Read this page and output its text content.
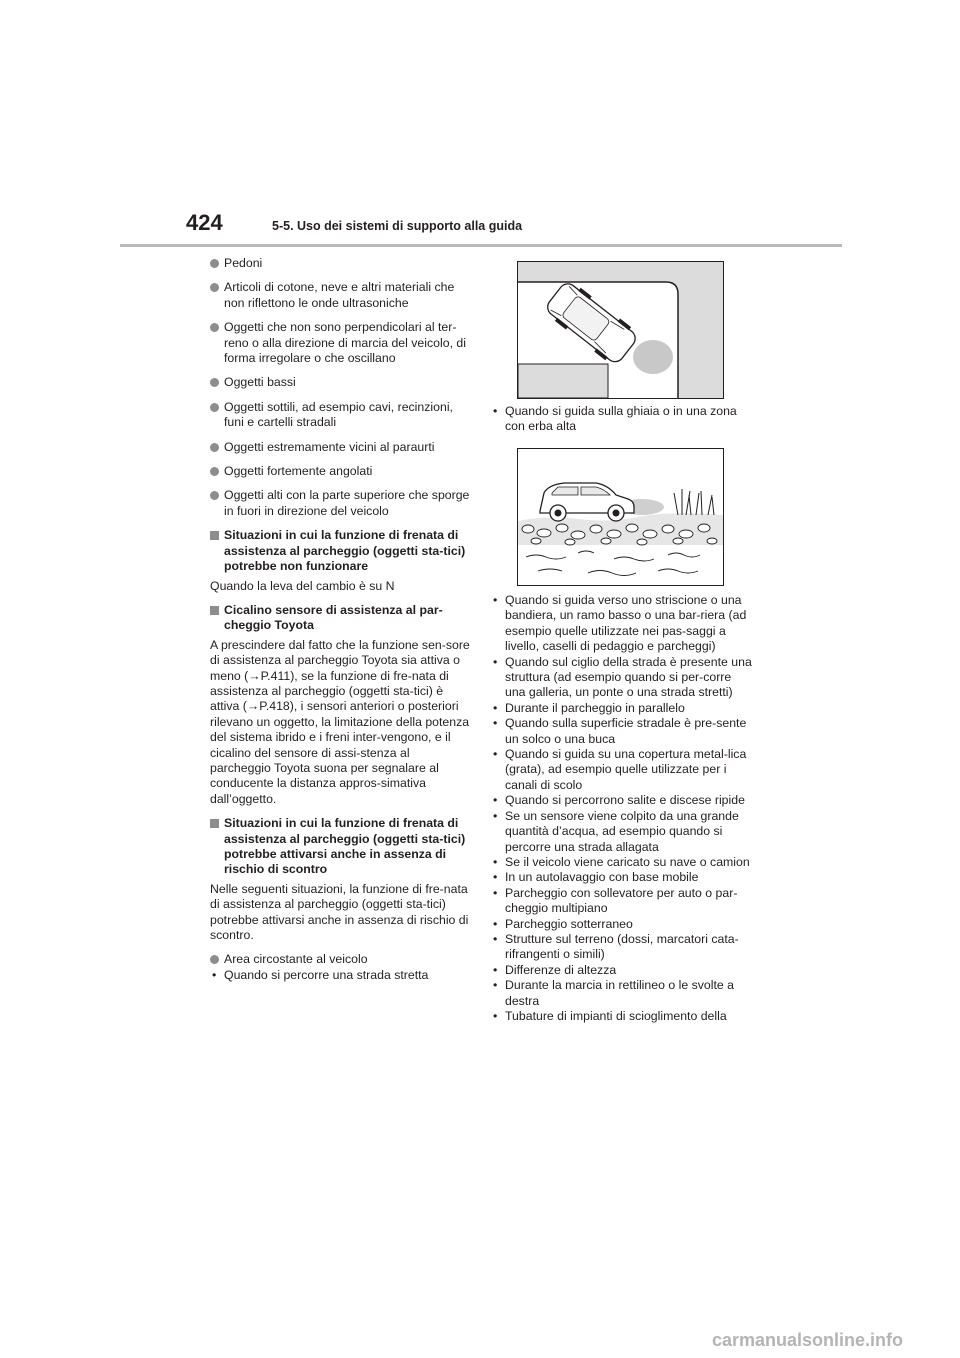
424	5-5. Uso dei sistemi di supporto alla guida
Pedoni
Articoli di cotone, neve e altri materiali che non riflettono le onde ultrasoniche
Oggetti che non sono perpendicolari al ter-reno o alla direzione di marcia del veicolo, di forma irregolare o che oscillano
Oggetti bassi
Oggetti sottili, ad esempio cavi, recinzioni, funi e cartelli stradali
Oggetti estremamente vicini al paraurti
Oggetti fortemente angolati
Oggetti alti con la parte superiore che sporge in fuori in direzione del veicolo
Situazioni in cui la funzione di frenata di assistenza al parcheggio (oggetti sta-tici) potrebbe non funzionare

Quando la leva del cambio è su N

Cicalino sensore di assistenza al par-cheggio Toyota

A prescindere dal fatto che la funzione sen-sore di assistenza al parcheggio Toyota sia attiva o meno (→P.411), se la funzione di fre-nata di assistenza al parcheggio (oggetti sta-tici) è attiva (→P.418), i sensori anteriori o posteriori rilevano un oggetto, la limitazione della potenza del sistema ibrido e i freni inter-vengono, e il cicalino del sensore di assi-stenza al parcheggio Toyota suona per segnalare al conducente la distanza appros-simativa dall’oggetto.

Situazioni in cui la funzione di frenata di assistenza al parcheggio (oggetti sta-tici) potrebbe attivarsi anche in assenza di rischio di scontro

Nelle seguenti situazioni, la funzione di fre-nata di assistenza al parcheggio (oggetti sta-tici) potrebbe attivarsi anche in assenza di rischio di scontro.

Area circostante al veicolo
• Quando si percorre una strada stretta
• Quando si guida sulla ghiaia o in una zona con erba alta
• Quando si guida verso uno striscione o una bandiera, un ramo basso o una bar-riera (ad esempio quelle utilizzate nei pas-saggi a livello, caselli di pedaggio e parcheggi)
• Quando sul ciglio della strada è presente una struttura (ad esempio quando si per-corre una galleria, un ponte o una strada stretti)
• Durante il parcheggio in parallelo
• Quando sulla superficie stradale è pre-sente un solco o una buca
• Quando si guida su una copertura metal-lica (grata), ad esempio quelle utilizzate per i canali di scolo
• Quando si percorrono salite e discese ripide
• Se un sensore viene colpito da una grande quantità d’acqua, ad esempio quando si percorre una strada allagata
• Se il veicolo viene caricato su nave o camion
• In un autolavaggio con base mobile
• Parcheggio con sollevatore per auto o par-cheggio multipiano
• Parcheggio sotterraneo
• Strutture sul terreno (dossi, marcatori cata-rifrangenti o simili)
• Differenze di altezza
• Durante la marcia in rettilineo o le svolte a destra
• Tubature di impianti di scioglimento della
carmanualsonline.info
